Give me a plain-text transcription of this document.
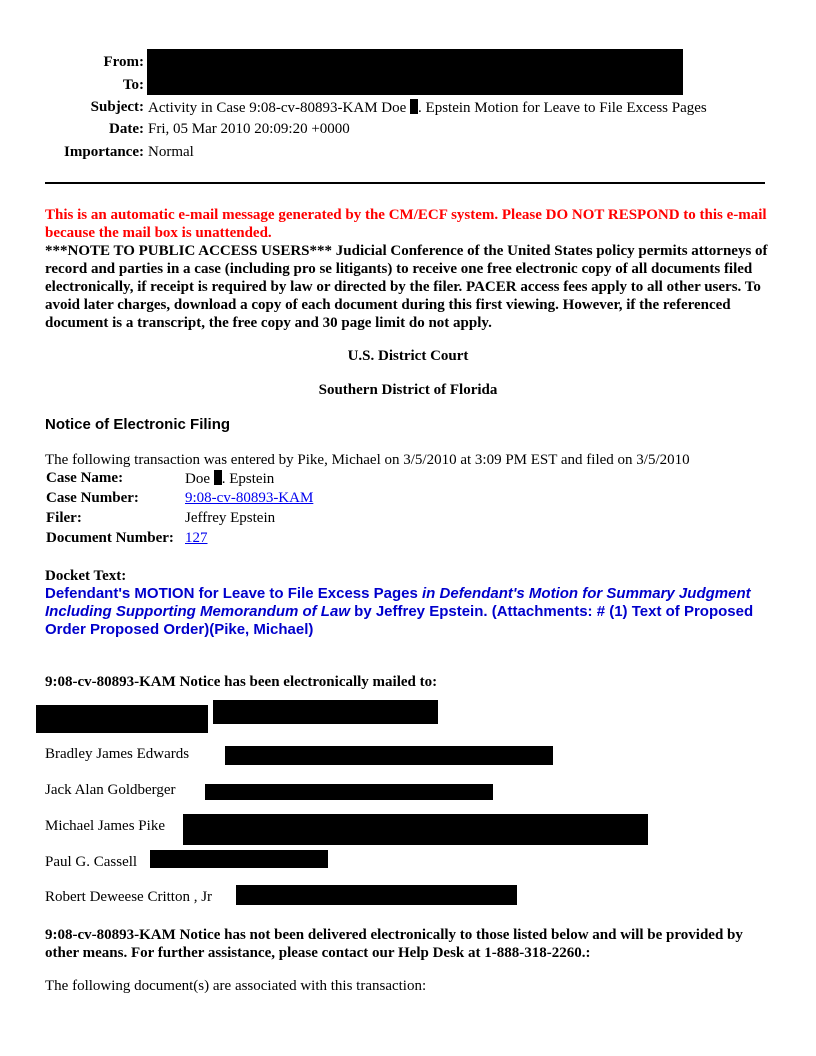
From:
To:
Subject: Activity in Case 9:08-cv-80893-KAM Doe . Epstein Motion for Leave to File Excess Pages
Date: Fri, 05 Mar 2010 20:09:20 +0000
Importance: Normal
This is an automatic e-mail message generated by the CM/ECF system. Please DO NOT RESPOND to this e-mail because the mail box is unattended.
***NOTE TO PUBLIC ACCESS USERS*** Judicial Conference of the United States policy permits attorneys of record and parties in a case (including pro se litigants) to receive one free electronic copy of all documents filed electronically, if receipt is required by law or directed by the filer. PACER access fees apply to all other users. To avoid later charges, download a copy of each document during this first viewing. However, if the referenced document is a transcript, the free copy and 30 page limit do not apply.
U.S. District Court
Southern District of Florida
Notice of Electronic Filing
The following transaction was entered by Pike, Michael on 3/5/2010 at 3:09 PM EST and filed on 3/5/2010
Case Name:	Doe . Epstein
Case Number:	9:08-cv-80893-KAM
Filer:	Jeffrey Epstein
Document Number:	127
Docket Text:
Defendant's MOTION for Leave to File Excess Pages in Defendant's Motion for Summary Judgment Including Supporting Memorandum of Law by Jeffrey Epstein. (Attachments: # (1) Text of Proposed Order Proposed Order)(Pike, Michael)
9:08-cv-80893-KAM Notice has been electronically mailed to:
Bradley James Edwards
Jack Alan Goldberger
Michael James Pike
Paul G. Cassell
Robert Deweese Critton , Jr
9:08-cv-80893-KAM Notice has not been delivered electronically to those listed below and will be provided by other means. For further assistance, please contact our Help Desk at 1-888-318-2260.:
The following document(s) are associated with this transaction:
